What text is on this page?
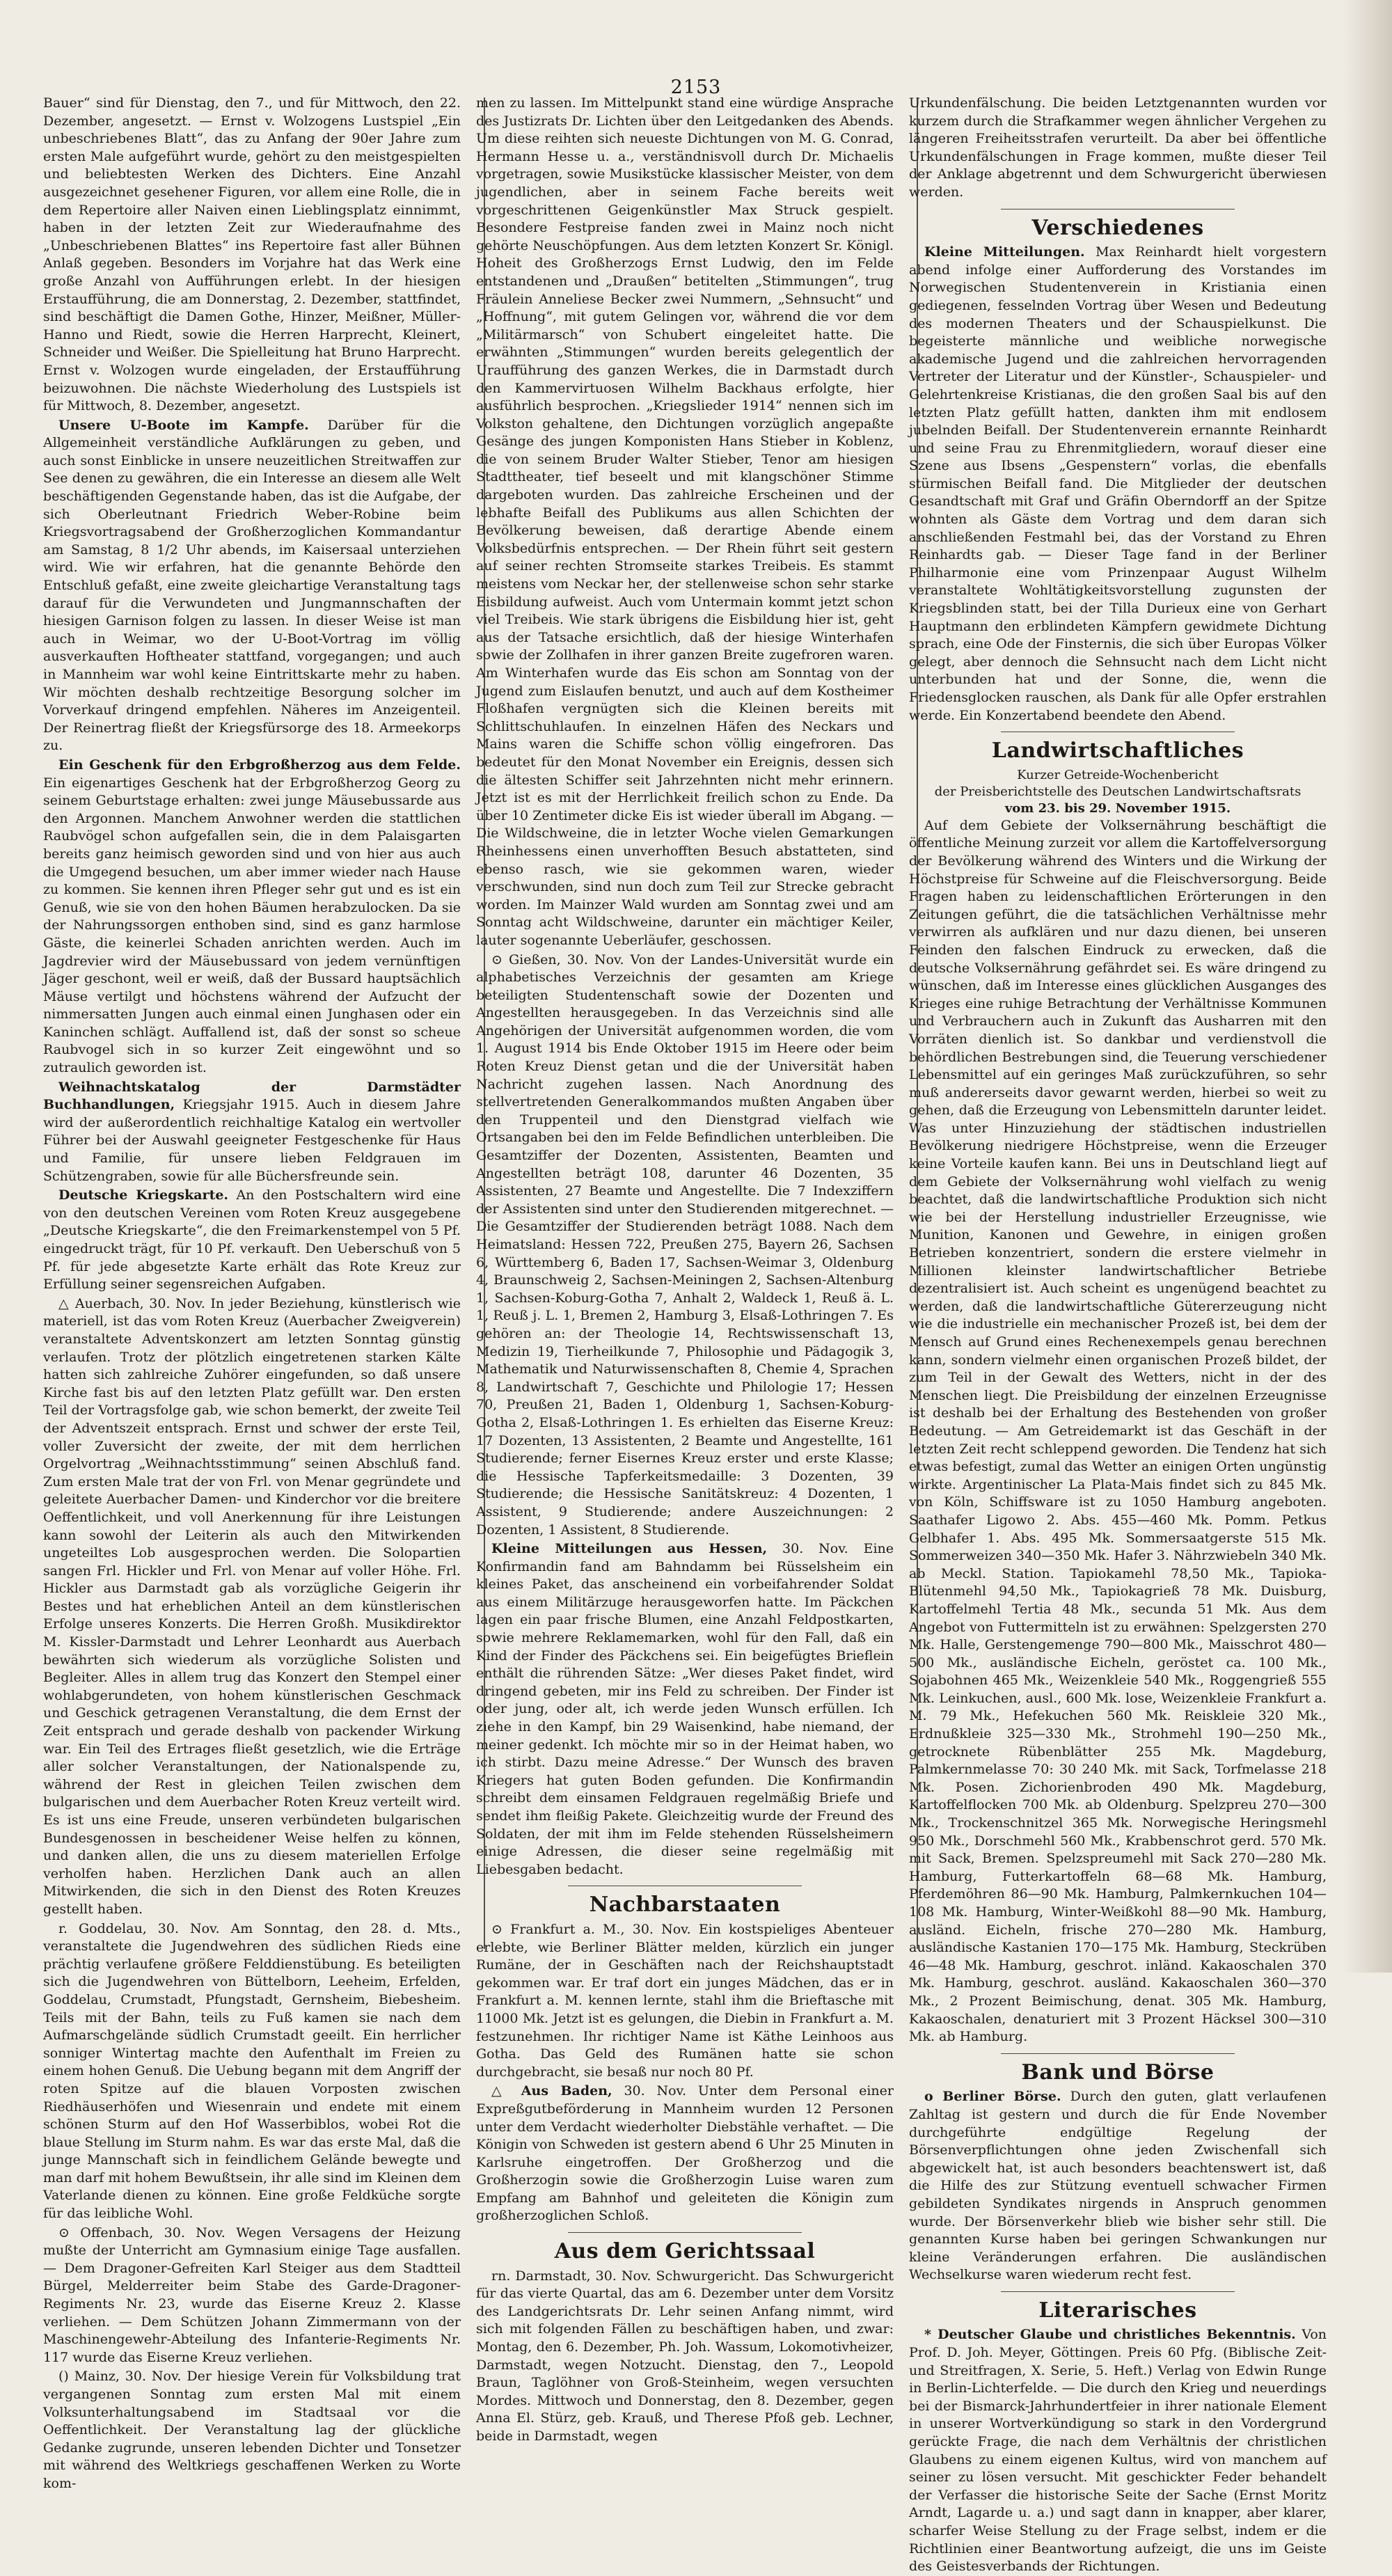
2153

Bauer“ sind für Dienstag, den 7., und für Mittwoch, den 22. Dezember, angesetzt. — Ernst v. Wolzogens Lustspiel „Ein unbeschriebenes Blatt“, das zu Anfang der 90er Jahre zum ersten Male aufgeführt wurde, gehört zu den meistgespielten und beliebtesten Werken des Dichters. Eine Anzahl ausgezeichnet gesehener Figuren, vor allem eine Rolle, die in dem Repertoire aller Naiven einen Lieblingsplatz einnimmt, haben in der letzten Zeit zur Wiederaufnahme des „Unbeschriebenen Blattes“ ins Repertoire fast aller Bühnen Anlaß gegeben. Besonders im Vorjahre hat das Werk eine große Anzahl von Aufführungen erlebt. In der hiesigen Erstaufführung, die am Donnerstag, 2. Dezember, stattfindet, sind beschäftigt die Damen Gothe, Hinzer, Meißner, Müller-Hanno und Riedt, sowie die Herren Harprecht, Kleinert, Schneider und Weißer. Die Spielleitung hat Bruno Harprecht. Ernst v. Wolzogen wurde eingeladen, der Erstaufführung beizuwohnen. Die nächste Wiederholung des Lustspiels ist für Mittwoch, 8. Dezember, angesetzt.

Unsere U-Boote im Kampfe. Darüber für die Allgemeinheit verständliche Aufklärungen zu geben, und auch sonst Einblicke in unsere neuzeitlichen Streitwaffen zur See denen zu gewähren, die ein Interesse an diesem alle Welt beschäftigenden Gegenstande haben, das ist die Aufgabe, der sich Oberleutnant Friedrich Weber-Robine beim Kriegsvortragsabend der Großherzoglichen Kommandantur am Samstag, 8 1/2 Uhr abends, im Kaisersaal unterziehen wird. Wie wir erfahren, hat die genannte Behörde den Entschluß gefaßt, eine zweite gleichartige Veranstaltung tags darauf für die Verwundeten und Jungmannschaften der hiesigen Garnison folgen zu lassen. In dieser Weise ist man auch in Weimar, wo der U-Boot-Vortrag im völlig ausverkauften Hoftheater stattfand, vorgegangen; und auch in Mannheim war wohl keine Eintrittskarte mehr zu haben. Wir möchten deshalb rechtzeitige Besorgung solcher im Vorverkauf dringend empfehlen. Näheres im Anzeigenteil. Der Reinertrag fließt der Kriegsfürsorge des 18. Armeekorps zu.

Ein Geschenk für den Erbgroßherzog aus dem Felde. Ein eigenartiges Geschenk hat der Erbgroßherzog Georg zu seinem Geburtstage erhalten: zwei junge Mäusebussarde aus den Argonnen. Manchem Anwohner werden die stattlichen Raubvögel schon aufgefallen sein, die in dem Palaisgarten bereits ganz heimisch geworden sind und von hier aus auch die Umgegend besuchen, um aber immer wieder nach Hause zu kommen. Sie kennen ihren Pfleger sehr gut und es ist ein Genuß, wie sie von den hohen Bäumen herabzulocken. Da sie der Nahrungssorgen enthoben sind, sind es ganz harmlose Gäste, die keinerlei Schaden anrichten werden. Auch im Jagdrevier wird der Mäusebussard von jedem vernünftigen Jäger geschont, weil er weiß, daß der Bussard hauptsächlich Mäuse vertilgt und höchstens während der Aufzucht der nimmersatten Jungen auch einmal einen Junghasen oder ein Kaninchen schlägt. Auffallend ist, daß der sonst so scheue Raubvogel sich in so kurzer Zeit eingewöhnt und so zutraulich geworden ist.

Weihnachtskatalog der Darmstädter Buchhandlungen, Kriegsjahr 1915. Auch in diesem Jahre wird der außerordentlich reichhaltige Katalog ein wertvoller Führer bei der Auswahl geeigneter Festgeschenke für Haus und Familie, für unsere lieben Feldgrauen im Schützengraben, sowie für alle Büchersfreunde sein.

Deutsche Kriegskarte. An den Postschaltern wird eine von den deutschen Vereinen vom Roten Kreuz ausgegebene „Deutsche Kriegskarte“, die den Freimarkenstempel von 5 Pf. eingedruckt trägt, für 10 Pf. verkauft. Den Ueberschuß von 5 Pf. für jede abgesetzte Karte erhält das Rote Kreuz zur Erfüllung seiner segensreichen Aufgaben.

△ Auerbach, 30. Nov. In jeder Beziehung, künstlerisch wie materiell, ist das vom Roten Kreuz (Auerbacher Zweigverein) veranstaltete Adventskonzert am letzten Sonntag günstig verlaufen. Trotz der plötzlich eingetretenen starken Kälte hatten sich zahlreiche Zuhörer eingefunden, so daß unsere Kirche fast bis auf den letzten Platz gefüllt war. Den ersten Teil der Vortragsfolge gab, wie schon bemerkt, der zweite Teil der Adventszeit entsprach. Ernst und schwer der erste Teil, voller Zuversicht der zweite, der mit dem herrlichen Orgelvortrag „Weihnachtsstimmung“ seinen Abschluß fand. Zum ersten Male trat der von Frl. von Menar gegründete und geleitete Auerbacher Damen- und Kinderchor vor die breitere Oeffentlichkeit, und voll Anerkennung für ihre Leistungen kann sowohl der Leiterin als auch den Mitwirkenden ungeteiltes Lob ausgesprochen werden. Die Solopartien sangen Frl. Hickler und Frl. von Menar auf voller Höhe. Frl. Hickler aus Darmstadt gab als vorzügliche Geigerin ihr Bestes und hat erheblichen Anteil an dem künstlerischen Erfolge unseres Konzerts. Die Herren Großh. Musikdirektor M. Kissler-Darmstadt und Lehrer Leonhardt aus Auerbach bewährten sich wiederum als vorzügliche Solisten und Begleiter. Alles in allem trug das Konzert den Stempel einer wohlabgerundeten, von hohem künstlerischen Geschmack und Geschick getragenen Veranstaltung, die dem Ernst der Zeit entsprach und gerade deshalb von packender Wirkung war. Ein Teil des Ertrages fließt gesetzlich, wie die Erträge aller solcher Veranstaltungen, der Nationalspende zu, während der Rest in gleichen Teilen zwischen dem bulgarischen und dem Auerbacher Roten Kreuz verteilt wird. Es ist uns eine Freude, unseren verbündeten bulgarischen Bundesgenossen in bescheidener Weise helfen zu können, und danken allen, die uns zu diesem materiellen Erfolge verholfen haben. Herzlichen Dank auch an allen Mitwirkenden, die sich in den Dienst des Roten Kreuzes gestellt haben.

r. Goddelau, 30. Nov. Am Sonntag, den 28. d. Mts., veranstaltete die Jugendwehren des südlichen Rieds eine prächtig verlaufene größere Felddienstübung. Es beteiligten sich die Jugendwehren von Büttelborn, Leeheim, Erfelden, Goddelau, Crumstadt, Pfungstadt, Gernsheim, Biebesheim. Teils mit der Bahn, teils zu Fuß kamen sie nach dem Aufmarschgelände südlich Crumstadt geeilt. Ein herrlicher sonniger Wintertag machte den Aufenthalt im Freien zu einem hohen Genuß. Die Uebung begann mit dem Angriff der roten Spitze auf die blauen Vorposten zwischen Riedhäuserhöfen und Wiesenrain und endete mit einem schönen Sturm auf den Hof Wasserbiblos, wobei Rot die blaue Stellung im Sturm nahm. Es war das erste Mal, daß die junge Mannschaft sich in feindlichem Gelände bewegte und man darf mit hohem Bewußtsein, ihr alle sind im Kleinen dem Vaterlande dienen zu können. Eine große Feldküche sorgte für das leibliche Wohl.

⊙ Offenbach, 30. Nov. Wegen Versagens der Heizung mußte der Unterricht am Gymnasium einige Tage ausfallen. — Dem Dragoner-Gefreiten Karl Steiger aus dem Stadtteil Bürgel, Melderreiter beim Stabe des Garde-Dragoner-Regiments Nr. 23, wurde das Eiserne Kreuz 2. Klasse verliehen. — Dem Schützen Johann Zimmermann von der Maschinengewehr-Abteilung des Infanterie-Regiments Nr. 117 wurde das Eiserne Kreuz verliehen.

() Mainz, 30. Nov. Der hiesige Verein für Volksbildung trat vergangenen Sonntag zum ersten Mal mit einem Volksunterhaltungsabend im Stadtsaal vor die Oeffentlichkeit. Der Veranstaltung lag der glückliche Gedanke zugrunde, unseren lebenden Dichter und Tonsetzer mit während des Weltkriegs geschaffenen Werken zu Worte kom-

men zu lassen. Im Mittelpunkt stand eine würdige Ansprache des Justizrats Dr. Lichten über den Leitgedanken des Abends. Um diese reihten sich neueste Dichtungen von M. G. Conrad, Hermann Hesse u. a., verständnisvoll durch Dr. Michaelis vorgetragen, sowie Musikstücke klassischer Meister, von dem jugendlichen, aber in seinem Fache bereits weit vorgeschrittenen Geigenkünstler Max Struck gespielt. Besondere Festpreise fanden zwei in Mainz noch nicht gehörte Neuschöpfungen. Aus dem letzten Konzert Sr. Königl. Hoheit des Großherzogs Ernst Ludwig, den im Felde entstandenen und „Draußen“ betitelten „Stimmungen“, trug Fräulein Anneliese Becker zwei Nummern, „Sehnsucht“ und „Hoffnung“, mit gutem Gelingen vor, während die vor dem „Militärmarsch“ von Schubert eingeleitet hatte. Die erwähnten „Stimmungen“ wurden bereits gelegentlich der Uraufführung des ganzen Werkes, die in Darmstadt durch den Kammervirtuosen Wilhelm Backhaus erfolgte, hier ausführlich besprochen. „Kriegslieder 1914“ nennen sich im Volkston gehaltene, den Dichtungen vorzüglich angepaßte Gesänge des jungen Komponisten Hans Stieber in Koblenz, die von seinem Bruder Walter Stieber, Tenor am hiesigen Stadttheater, tief beseelt und mit klangschöner Stimme dargeboten wurden. Das zahlreiche Erscheinen und der lebhafte Beifall des Publikums aus allen Schichten der Bevölkerung beweisen, daß derartige Abende einem Volksbedürfnis entsprechen. — Der Rhein führt seit gestern auf seiner rechten Stromseite starkes Treibeis. Es stammt meistens vom Neckar her, der stellenweise schon sehr starke Eisbildung aufweist. Auch vom Untermain kommt jetzt schon viel Treibeis. Wie stark übrigens die Eisbildung hier ist, geht aus der Tatsache ersichtlich, daß der hiesige Winterhafen sowie der Zollhafen in ihrer ganzen Breite zugefroren waren. Am Winterhafen wurde das Eis schon am Sonntag von der Jugend zum Eislaufen benutzt, und auch auf dem Kostheimer Floßhafen vergnügten sich die Kleinen bereits mit Schlittschuhlaufen. In einzelnen Häfen des Neckars und Mains waren die Schiffe schon völlig eingefroren. Das bedeutet für den Monat November ein Ereignis, dessen sich die ältesten Schiffer seit Jahrzehnten nicht mehr erinnern. Jetzt ist es mit der Herrlichkeit freilich schon zu Ende. Da über 10 Zentimeter dicke Eis ist wieder überall im Abgang. — Die Wildschweine, die in letzter Woche vielen Gemarkungen Rheinhessens einen unverhofften Besuch abstatteten, sind ebenso rasch, wie sie gekommen waren, wieder verschwunden, sind nun doch zum Teil zur Strecke gebracht worden. Im Mainzer Wald wurden am Sonntag zwei und am Sonntag acht Wildschweine, darunter ein mächtiger Keiler, lauter sogenannte Ueberläufer, geschossen.

⊙ Gießen, 30. Nov. Von der Landes-Universität wurde ein alphabetisches Verzeichnis der gesamten am Kriege beteiligten Studentenschaft sowie der Dozenten und Angestellten herausgegeben. In das Verzeichnis sind alle Angehörigen der Universität aufgenommen worden, die vom 1. August 1914 bis Ende Oktober 1915 im Heere oder beim Roten Kreuz Dienst getan und die der Universität haben Nachricht zugehen lassen. Nach Anordnung des stellvertretenden Generalkommandos mußten Angaben über den Truppenteil und den Dienstgrad vielfach wie Ortsangaben bei den im Felde Befindlichen unterbleiben. Die Gesamtziffer der Dozenten, Assistenten, Beamten und Angestellten beträgt 108, darunter 46 Dozenten, 35 Assistenten, 27 Beamte und Angestellte. Die 7 Indexziffern der Assistenten sind unter den Studierenden mitgerechnet. — Die Gesamtziffer der Studierenden beträgt 1088. Nach dem Heimatsland: Hessen 722, Preußen 275, Bayern 26, Sachsen 6, Württemberg 6, Baden 17, Sachsen-Weimar 3, Oldenburg 4, Braunschweig 2, Sachsen-Meiningen 2, Sachsen-Altenburg 1, Sachsen-Koburg-Gotha 7, Anhalt 2, Waldeck 1, Reuß ä. L. 1, Reuß j. L. 1, Bremen 2, Hamburg 3, Elsaß-Lothringen 7. Es gehören an: der Theologie 14, Rechtswissenschaft 13, Medizin 19, Tierheilkunde 7, Philosophie und Pädagogik 3, Mathematik und Naturwissenschaften 8, Chemie 4, Sprachen 8, Landwirtschaft 7, Geschichte und Philologie 17; Hessen 70, Preußen 21, Baden 1, Oldenburg 1, Sachsen-Koburg-Gotha 2, Elsaß-Lothringen 1. Es erhielten das Eiserne Kreuz: 17 Dozenten, 13 Assistenten, 2 Beamte und Angestellte, 161 Studierende; ferner Eisernes Kreuz erster und erste Klasse; die Hessische Tapferkeitsmedaille: 3 Dozenten, 39 Studierende; die Hessische Sanitätskreuz: 4 Dozenten, 1 Assistent, 9 Studierende; andere Auszeichnungen: 2 Dozenten, 1 Assistent, 8 Studierende.

Kleine Mitteilungen aus Hessen, 30. Nov. Eine Konfirmandin fand am Bahndamm bei Rüsselsheim ein kleines Paket, das anscheinend ein vorbeifahrender Soldat aus einem Militärzuge herausgeworfen hatte. Im Päckchen lagen ein paar frische Blumen, eine Anzahl Feldpostkarten, sowie mehrere Reklamemarken, wohl für den Fall, daß ein Kind der Finder des Päckchens sei. Ein beigefügtes Brieflein enthält die rührenden Sätze: „Wer dieses Paket findet, wird dringend gebeten, mir ins Feld zu schreiben. Der Finder ist oder jung, oder alt, ich werde jeden Wunsch erfüllen. Ich ziehe in den Kampf, bin 29 Waisenkind, habe niemand, der meiner gedenkt. Ich möchte mir so in der Heimat haben, wo ich stirbt. Dazu meine Adresse.“ Der Wunsch des braven Kriegers hat guten Boden gefunden. Die Konfirmandin schreibt dem einsamen Feldgrauen regelmäßig Briefe und sendet ihm fleißig Pakete. Gleichzeitig wurde der Freund des Soldaten, der mit ihm im Felde stehenden Rüsselsheimern einige Adressen, die dieser seine regelmäßig mit Liebesgaben bedacht.

Nachbarstaaten

⊙ Frankfurt a. M., 30. Nov. Ein kostspieliges Abenteuer erlebte, wie Berliner Blätter melden, kürzlich ein junger Rumäne, der in Geschäften nach der Reichshauptstadt gekommen war. Er traf dort ein junges Mädchen, das er in Frankfurt a. M. kennen lernte, stahl ihm die Brieftasche mit 11000 Mk. Jetzt ist es gelungen, die Diebin in Frankfurt a. M. festzunehmen. Ihr richtiger Name ist Käthe Leinhoos aus Gotha. Das Geld des Rumänen hatte sie schon durchgebracht, sie besaß nur noch 80 Pf.

△ Aus Baden, 30. Nov. Unter dem Personal einer Expreßgutbeförderung in Mannheim wurden 12 Personen unter dem Verdacht wiederholter Diebstähle verhaftet. — Die Königin von Schweden ist gestern abend 6 Uhr 25 Minuten in Karlsruhe eingetroffen. Der Großherzog und die Großherzogin sowie die Großherzogin Luise waren zum Empfang am Bahnhof und geleiteten die Königin zum großherzoglichen Schloß.

Aus dem Gerichtssaal

rn. Darmstadt, 30. Nov. Schwurgericht. Das Schwurgericht für das vierte Quartal, das am 6. Dezember unter dem Vorsitz des Landgerichtsrats Dr. Lehr seinen Anfang nimmt, wird sich mit folgenden Fällen zu beschäftigen haben, und zwar: Montag, den 6. Dezember, Ph. Joh. Wassum, Lokomotivheizer, Darmstadt, wegen Notzucht. Dienstag, den 7., Leopold Braun, Taglöhner von Groß-Steinheim, wegen versuchten Mordes. Mittwoch und Donnerstag, den 8. Dezember, gegen Anna El. Stürz, geb. Krauß, und Therese Pfoß geb. Lechner, beide in Darmstadt, wegen

Urkundenfälschung. Die beiden Letztgenannten wurden vor kurzem durch die Strafkammer wegen ähnlicher Vergehen zu längeren Freiheitsstrafen verurteilt. Da aber bei öffentliche Urkundenfälschungen in Frage kommen, mußte dieser Teil der Anklage abgetrennt und dem Schwurgericht überwiesen werden.

Verschiedenes

Kleine Mitteilungen. Max Reinhardt hielt vorgestern abend infolge einer Aufforderung des Vorstandes im Norwegischen Studentenverein in Kristiania einen gediegenen, fesselnden Vortrag über Wesen und Bedeutung des modernen Theaters und der Schauspielkunst. Die begeisterte männliche und weibliche norwegische akademische Jugend und die zahlreichen hervorragenden Vertreter der Literatur und der Künstler-, Schauspieler- und Gelehrtenkreise Kristianas, die den großen Saal bis auf den letzten Platz gefüllt hatten, dankten ihm mit endlosem jubelnden Beifall. Der Studentenverein ernannte Reinhardt und seine Frau zu Ehrenmitgliedern, worauf dieser eine Szene aus Ibsens „Gespenstern“ vorlas, die ebenfalls stürmischen Beifall fand. Die Mitglieder der deutschen Gesandtschaft mit Graf und Gräfin Oberndorff an der Spitze wohnten als Gäste dem Vortrag und dem daran sich anschließenden Festmahl bei, das der Vorstand zu Ehren Reinhardts gab. — Dieser Tage fand in der Berliner Philharmonie eine vom Prinzenpaar August Wilhelm veranstaltete Wohltätigkeitsvorstellung zugunsten der Kriegsblinden statt, bei der Tilla Durieux eine von Gerhart Hauptmann den erblindeten Kämpfern gewidmete Dichtung sprach, eine Ode der Finsternis, die sich über Europas Völker gelegt, aber dennoch die Sehnsucht nach dem Licht nicht unterbunden hat und der Sonne, die, wenn die Friedensglocken rauschen, als Dank für alle Opfer erstrahlen werde. Ein Konzertabend beendete den Abend.

Landwirtschaftliches

Kurzer Getreide-Wochenbericht

der Preisberichtstelle des Deutschen Landwirtschaftsrats

vom 23. bis 29. November 1915.

Auf dem Gebiete der Volksernährung beschäftigt die öffentliche Meinung zurzeit vor allem die Kartoffelversorgung der Bevölkerung während des Winters und die Wirkung der Höchstpreise für Schweine auf die Fleischversorgung. Beide Fragen haben zu leidenschaftlichen Erörterungen in den Zeitungen geführt, die die tatsächlichen Verhältnisse mehr verwirren als aufklären und nur dazu dienen, bei unseren Feinden den falschen Eindruck zu erwecken, daß die deutsche Volksernährung gefährdet sei. Es wäre dringend zu wünschen, daß im Interesse eines glücklichen Ausganges des Krieges eine ruhige Betrachtung der Verhältnisse Kommunen und Verbrauchern auch in Zukunft das Ausharren mit den Vorräten dienlich ist. So dankbar und verdienstvoll die behördlichen Bestrebungen sind, die Teuerung verschiedener Lebensmittel auf ein geringes Maß zurückzuführen, so sehr muß andererseits davor gewarnt werden, hierbei so weit zu gehen, daß die Erzeugung von Lebensmitteln darunter leidet. Was unter Hinzuziehung der städtischen industriellen Bevölkerung niedrigere Höchstpreise, wenn die Erzeuger keine Vorteile kaufen kann. Bei uns in Deutschland liegt auf dem Gebiete der Volksernährung wohl vielfach zu wenig beachtet, daß die landwirtschaftliche Produktion sich nicht wie bei der Herstellung industrieller Erzeugnisse, wie Munition, Kanonen und Gewehre, in einigen großen Betrieben konzentriert, sondern die erstere vielmehr in Millionen kleinster landwirtschaftlicher Betriebe dezentralisiert ist. Auch scheint es ungenügend beachtet zu werden, daß die landwirtschaftliche Gütererzeugung nicht wie die industrielle ein mechanischer Prozeß ist, bei dem der Mensch auf Grund eines Rechenexempels genau berechnen kann, sondern vielmehr einen organischen Prozeß bildet, der zum Teil in der Gewalt des Wetters, nicht in der des Menschen liegt. Die Preisbildung der einzelnen Erzeugnisse ist deshalb bei der Erhaltung des Bestehenden von großer Bedeutung. — Am Getreidemarkt ist das Geschäft in der letzten Zeit recht schleppend geworden. Die Tendenz hat sich etwas befestigt, zumal das Wetter an einigen Orten ungünstig wirkte. Argentinischer La Plata-Mais findet sich zu 845 Mk. von Köln, Schiffsware ist zu 1050 Hamburg angeboten. Saathafer Ligowo 2. Abs. 455—460 Mk. Pomm. Petkus Gelbhafer 1. Abs. 495 Mk. Sommersaatgerste 515 Mk. Sommerweizen 340—350 Mk. Hafer 3. Nährzwiebeln 340 Mk. ab Meckl. Station. Tapiokamehl 78,50 Mk., Tapioka-Blütenmehl 94,50 Mk., Tapiokagrieß 78 Mk. Duisburg, Kartoffelmehl Tertia 48 Mk., secunda 51 Mk. Aus dem Angebot von Futtermitteln ist zu erwähnen: Spelzgersten 270 Mk. Halle, Gerstengemenge 790—800 Mk., Maisschrot 480—500 Mk., ausländische Eicheln, geröstet ca. 100 Mk., Sojabohnen 465 Mk., Weizenkleie 540 Mk., Roggengrieß 555 Mk. Leinkuchen, ausl., 600 Mk. lose, Weizenkleie Frankfurt a. M. 79 Mk., Hefekuchen 560 Mk. Reiskleie 320 Mk., Erdnußkleie 325—330 Mk., Strohmehl 190—250 Mk., getrocknete Rübenblätter 255 Mk. Magdeburg, Palmkernmelasse 70: 30 240 Mk. mit Sack, Torfmelasse 218 Mk. Posen. Zichorienbroden 490 Mk. Magdeburg, Kartoffelflocken 700 Mk. ab Oldenburg. Spelzpreu 270—300 Mk., Trockenschnitzel 365 Mk. Norwegische Heringsmehl 950 Mk., Dorschmehl 560 Mk., Krabbenschrot gerd. 570 Mk. mit Sack, Bremen. Spelzspreumehl mit Sack 270—280 Mk. Hamburg, Futterkartoffeln 68—68 Mk. Hamburg, Pferdemöhren 86—90 Mk. Hamburg, Palmkernkuchen 104—108 Mk. Hamburg, Winter-Weißkohl 88—90 Mk. Hamburg, ausländ. Eicheln, frische 270—280 Mk. Hamburg, ausländische Kastanien 170—175 Mk. Hamburg, Steckrüben 46—48 Mk. Hamburg, geschrot. inländ. Kakaoschalen 370 Mk. Hamburg, geschrot. ausländ. Kakaoschalen 360—370 Mk., 2 Prozent Beimischung, denat. 305 Mk. Hamburg, Kakaoschalen, denaturiert mit 3 Prozent Häcksel 300—310 Mk. ab Hamburg.

Bank und Börse

o Berliner Börse. Durch den guten, glatt verlaufenen Zahltag ist gestern und durch die für Ende November durchgeführte endgültige Regelung der Börsenverpflichtungen ohne jeden Zwischenfall sich abgewickelt hat, ist auch besonders beachtenswert ist, daß die Hilfe des zur Stützung eventuell schwacher Firmen gebildeten Syndikates nirgends in Anspruch genommen wurde. Der Börsenverkehr blieb wie bisher sehr still. Die genannten Kurse haben bei geringen Schwankungen nur kleine Veränderungen erfahren. Die ausländischen Wechselkurse waren wiederum recht fest.

Literarisches

* Deutscher Glaube und christliches Bekenntnis. Von Prof. D. Joh. Meyer, Göttingen. Preis 60 Pfg. (Biblische Zeit- und Streitfragen, X. Serie, 5. Heft.) Verlag von Edwin Runge in Berlin-Lichterfelde. — Die durch den Krieg und neuerdings bei der Bismarck-Jahrhundertfeier in ihrer nationale Element in unserer Wortverkündigung so stark in den Vordergrund gerückte Frage, die nach dem Verhältnis der christlichen Glaubens zu einem eigenen Kultus, wird von manchem auf seiner zu lösen versucht. Mit geschickter Feder behandelt der Verfasser die historische Seite der Sache (Ernst Moritz Arndt, Lagarde u. a.) und sagt dann in knapper, aber klarer, scharfer Weise Stellung zu der Frage selbst, indem er die Richtlinien einer Beantwortung aufzeigt, die uns im Geiste des Geistesverbands der Richtungen.
